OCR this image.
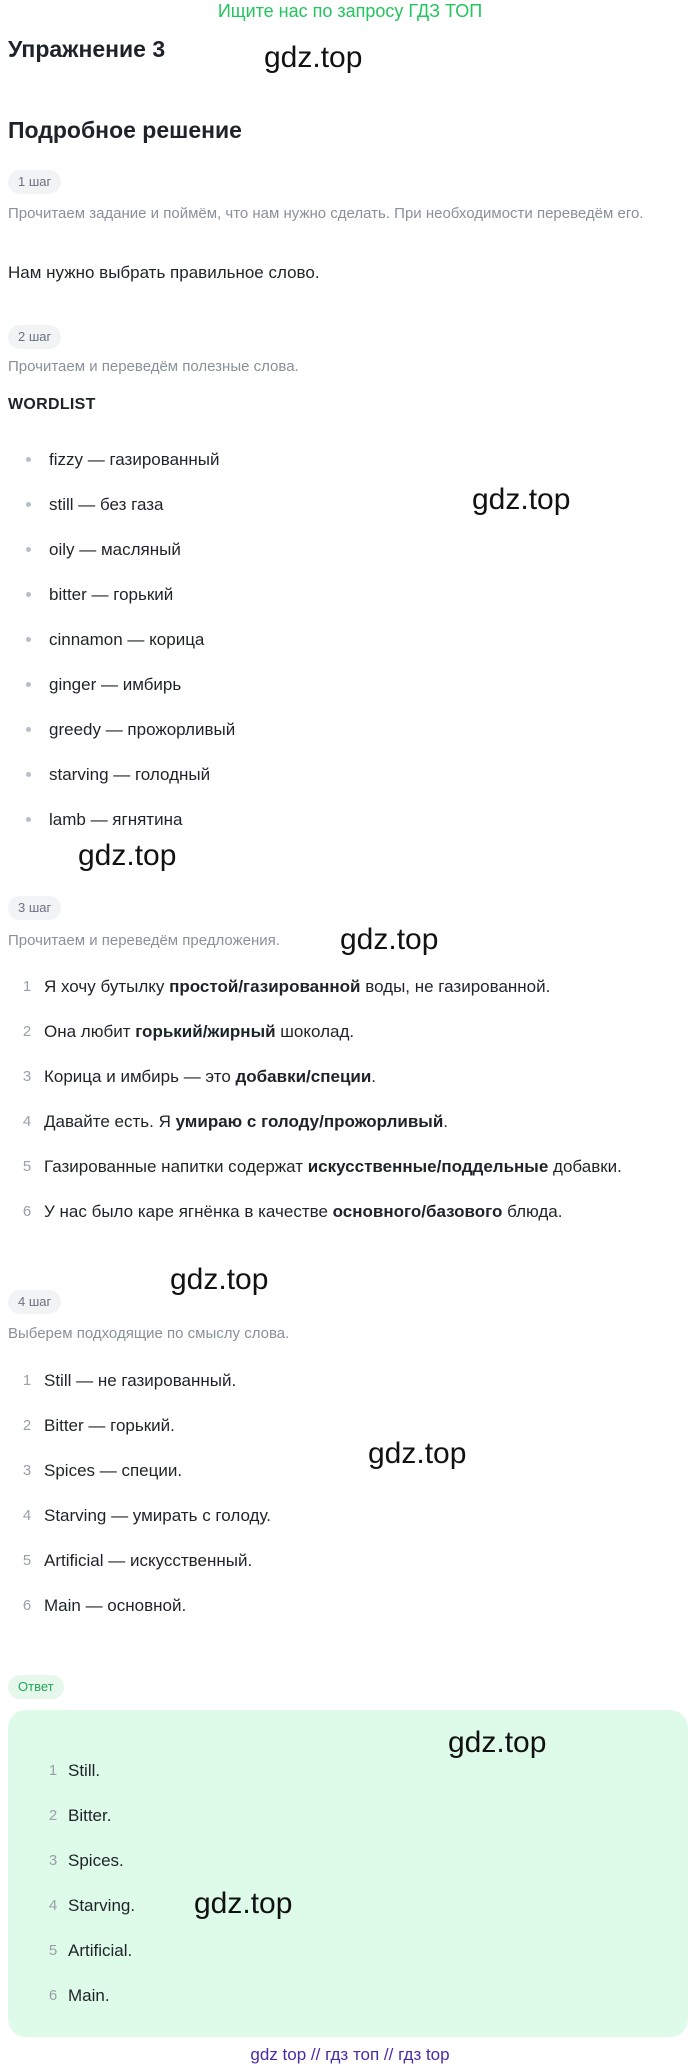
Ищите нас по запросу ГДЗ ТОП
Упражнение 3
Подробное решение
1 шаг

Прочитаем задание и поймём, что нам нужно сделать. При необходимости переведём его.

Нам нужно выбрать правильное слово.

2 шаг

Прочитаем и переведём полезные слова.

WORDLIST

fizzy — газированный
still — без газа
oily — масляный
bitter — горький
cinnamon — корица
ginger — имбирь
greedy — прожорливый
starving — голодный
lamb — ягнятина
3 шаг

Прочитаем и переведём предложения.

1 Я хочу бутылку простой/газированной воды, не газированной.
2 Она любит горький/жирный шоколад.
3 Корица и имбирь — это добавки/специи.
4 Давайте есть. Я умираю с голоду/прожорливый.
5 Газированные напитки содержат искусственные/поддельные добавки.
6 У нас было каре ягнёнка в качестве основного/базового блюда.
4 шаг

Выберем подходящие по смыслу слова.

1 Still — не газированный.
2 Bitter — горький.
3 Spices — специи.
4 Starving — умирать с голоду.
5 Artificial — искусственный.
6 Main — основной.
Ответ
1 Still.
2 Bitter.
3 Spices.
4 Starving.
5 Artificial.
6 Main.
gdz.top
gdz.top
gdz.top
gdz.top
gdz.top
gdz.top
gdz.top
gdz.top
gdz top // гдз топ // гдз top
